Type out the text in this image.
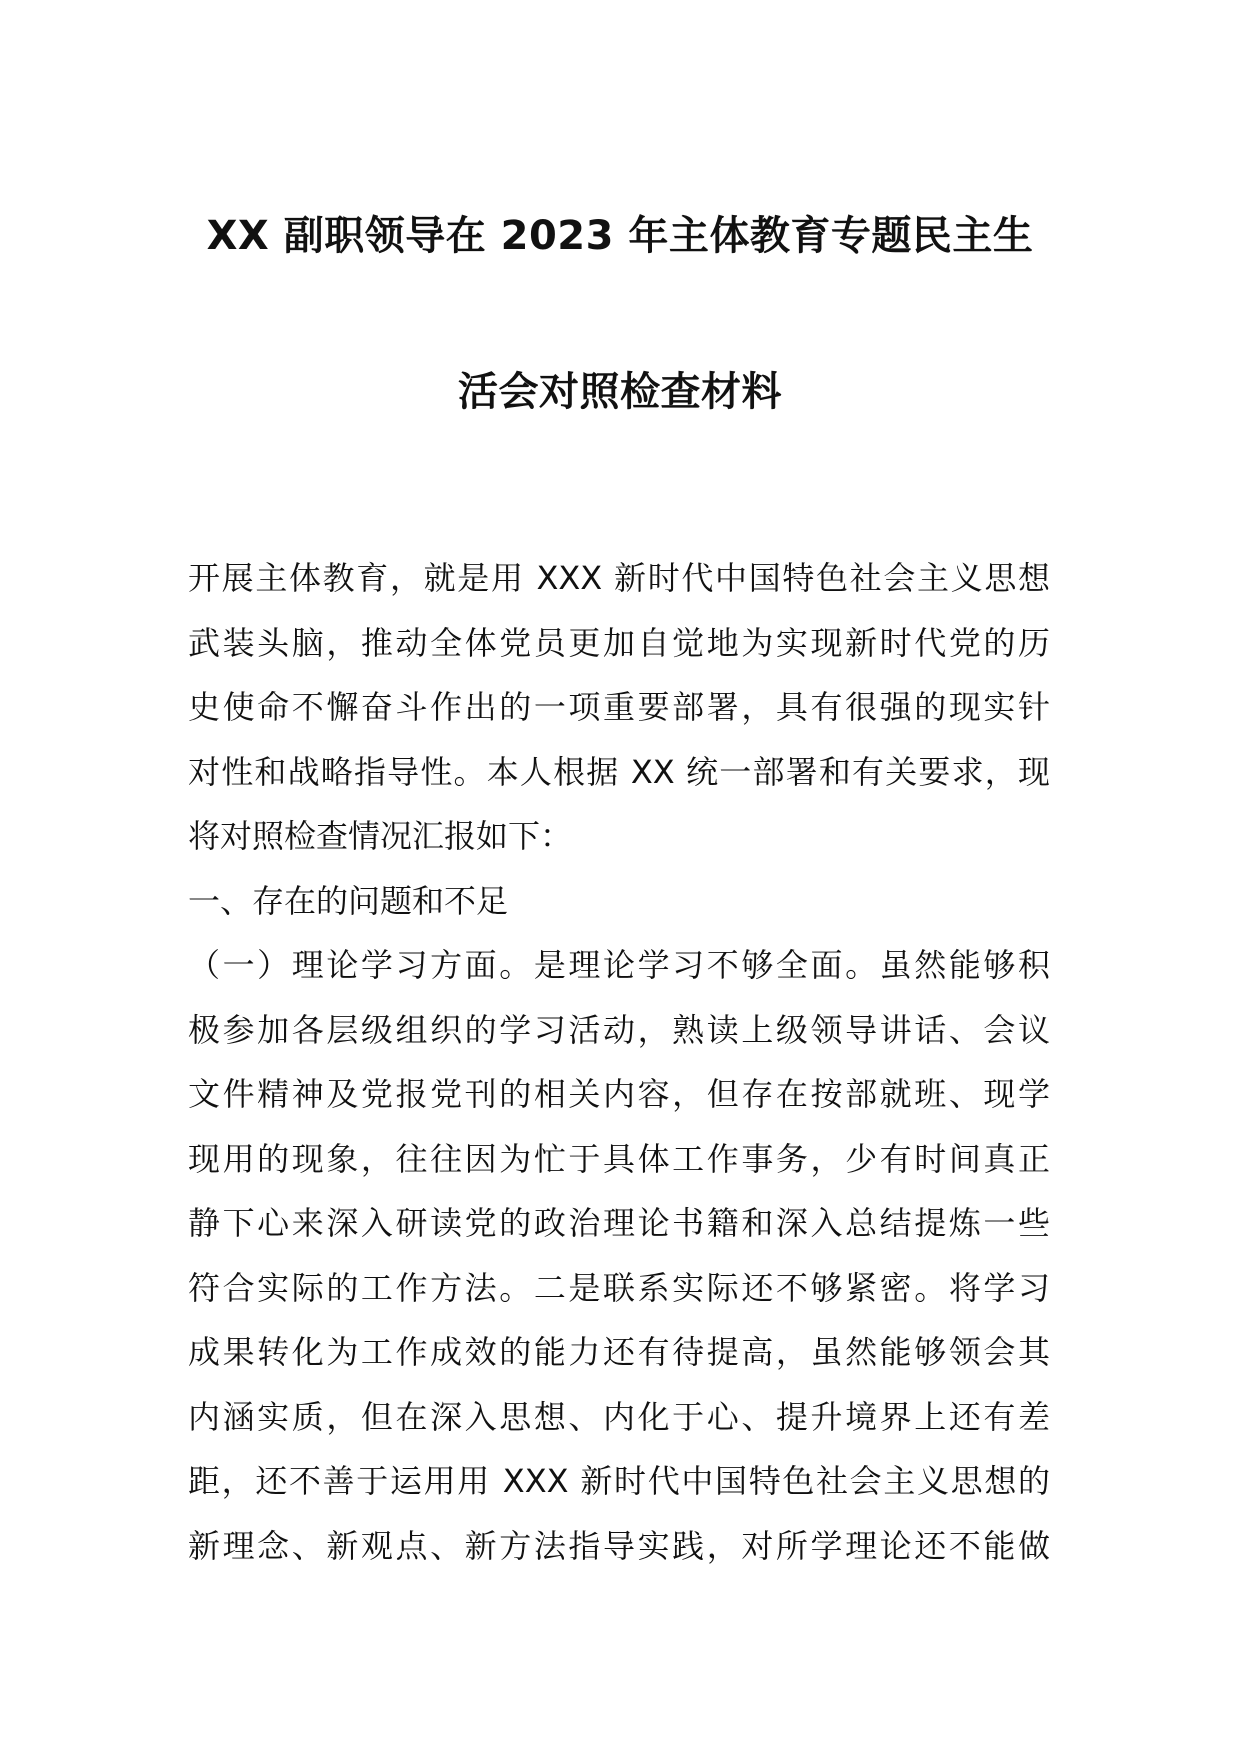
XX 副职领导在 2023 年主体教育专题民主生
活会对照检查材料
开展主体教育，就是用 XXX 新时代中国特色社会主义思想
武装头脑，推动全体党员更加自觉地为实现新时代党的历
史使命不懈奋斗作出的一项重要部署，具有很强的现实针
对性和战略指导性。本人根据 XX 统一部署和有关要求，现
将对照检查情况汇报如下：
一、存在的问题和不足
（一）理论学习方面。是理论学习不够全面。虽然能够积
极参加各层级组织的学习活动，熟读上级领导讲话、会议
文件精神及党报党刊的相关内容，但存在按部就班、现学
现用的现象，往往因为忙于具体工作事务，少有时间真正
静下心来深入研读党的政治理论书籍和深入总结提炼一些
符合实际的工作方法。二是联系实际还不够紧密。将学习
成果转化为工作成效的能力还有待提高，虽然能够领会其
内涵实质，但在深入思想、内化于心、提升境界上还有差
距，还不善于运用用 XXX 新时代中国特色社会主义思想的
新理念、新观点、新方法指导实践，对所学理论还不能做
